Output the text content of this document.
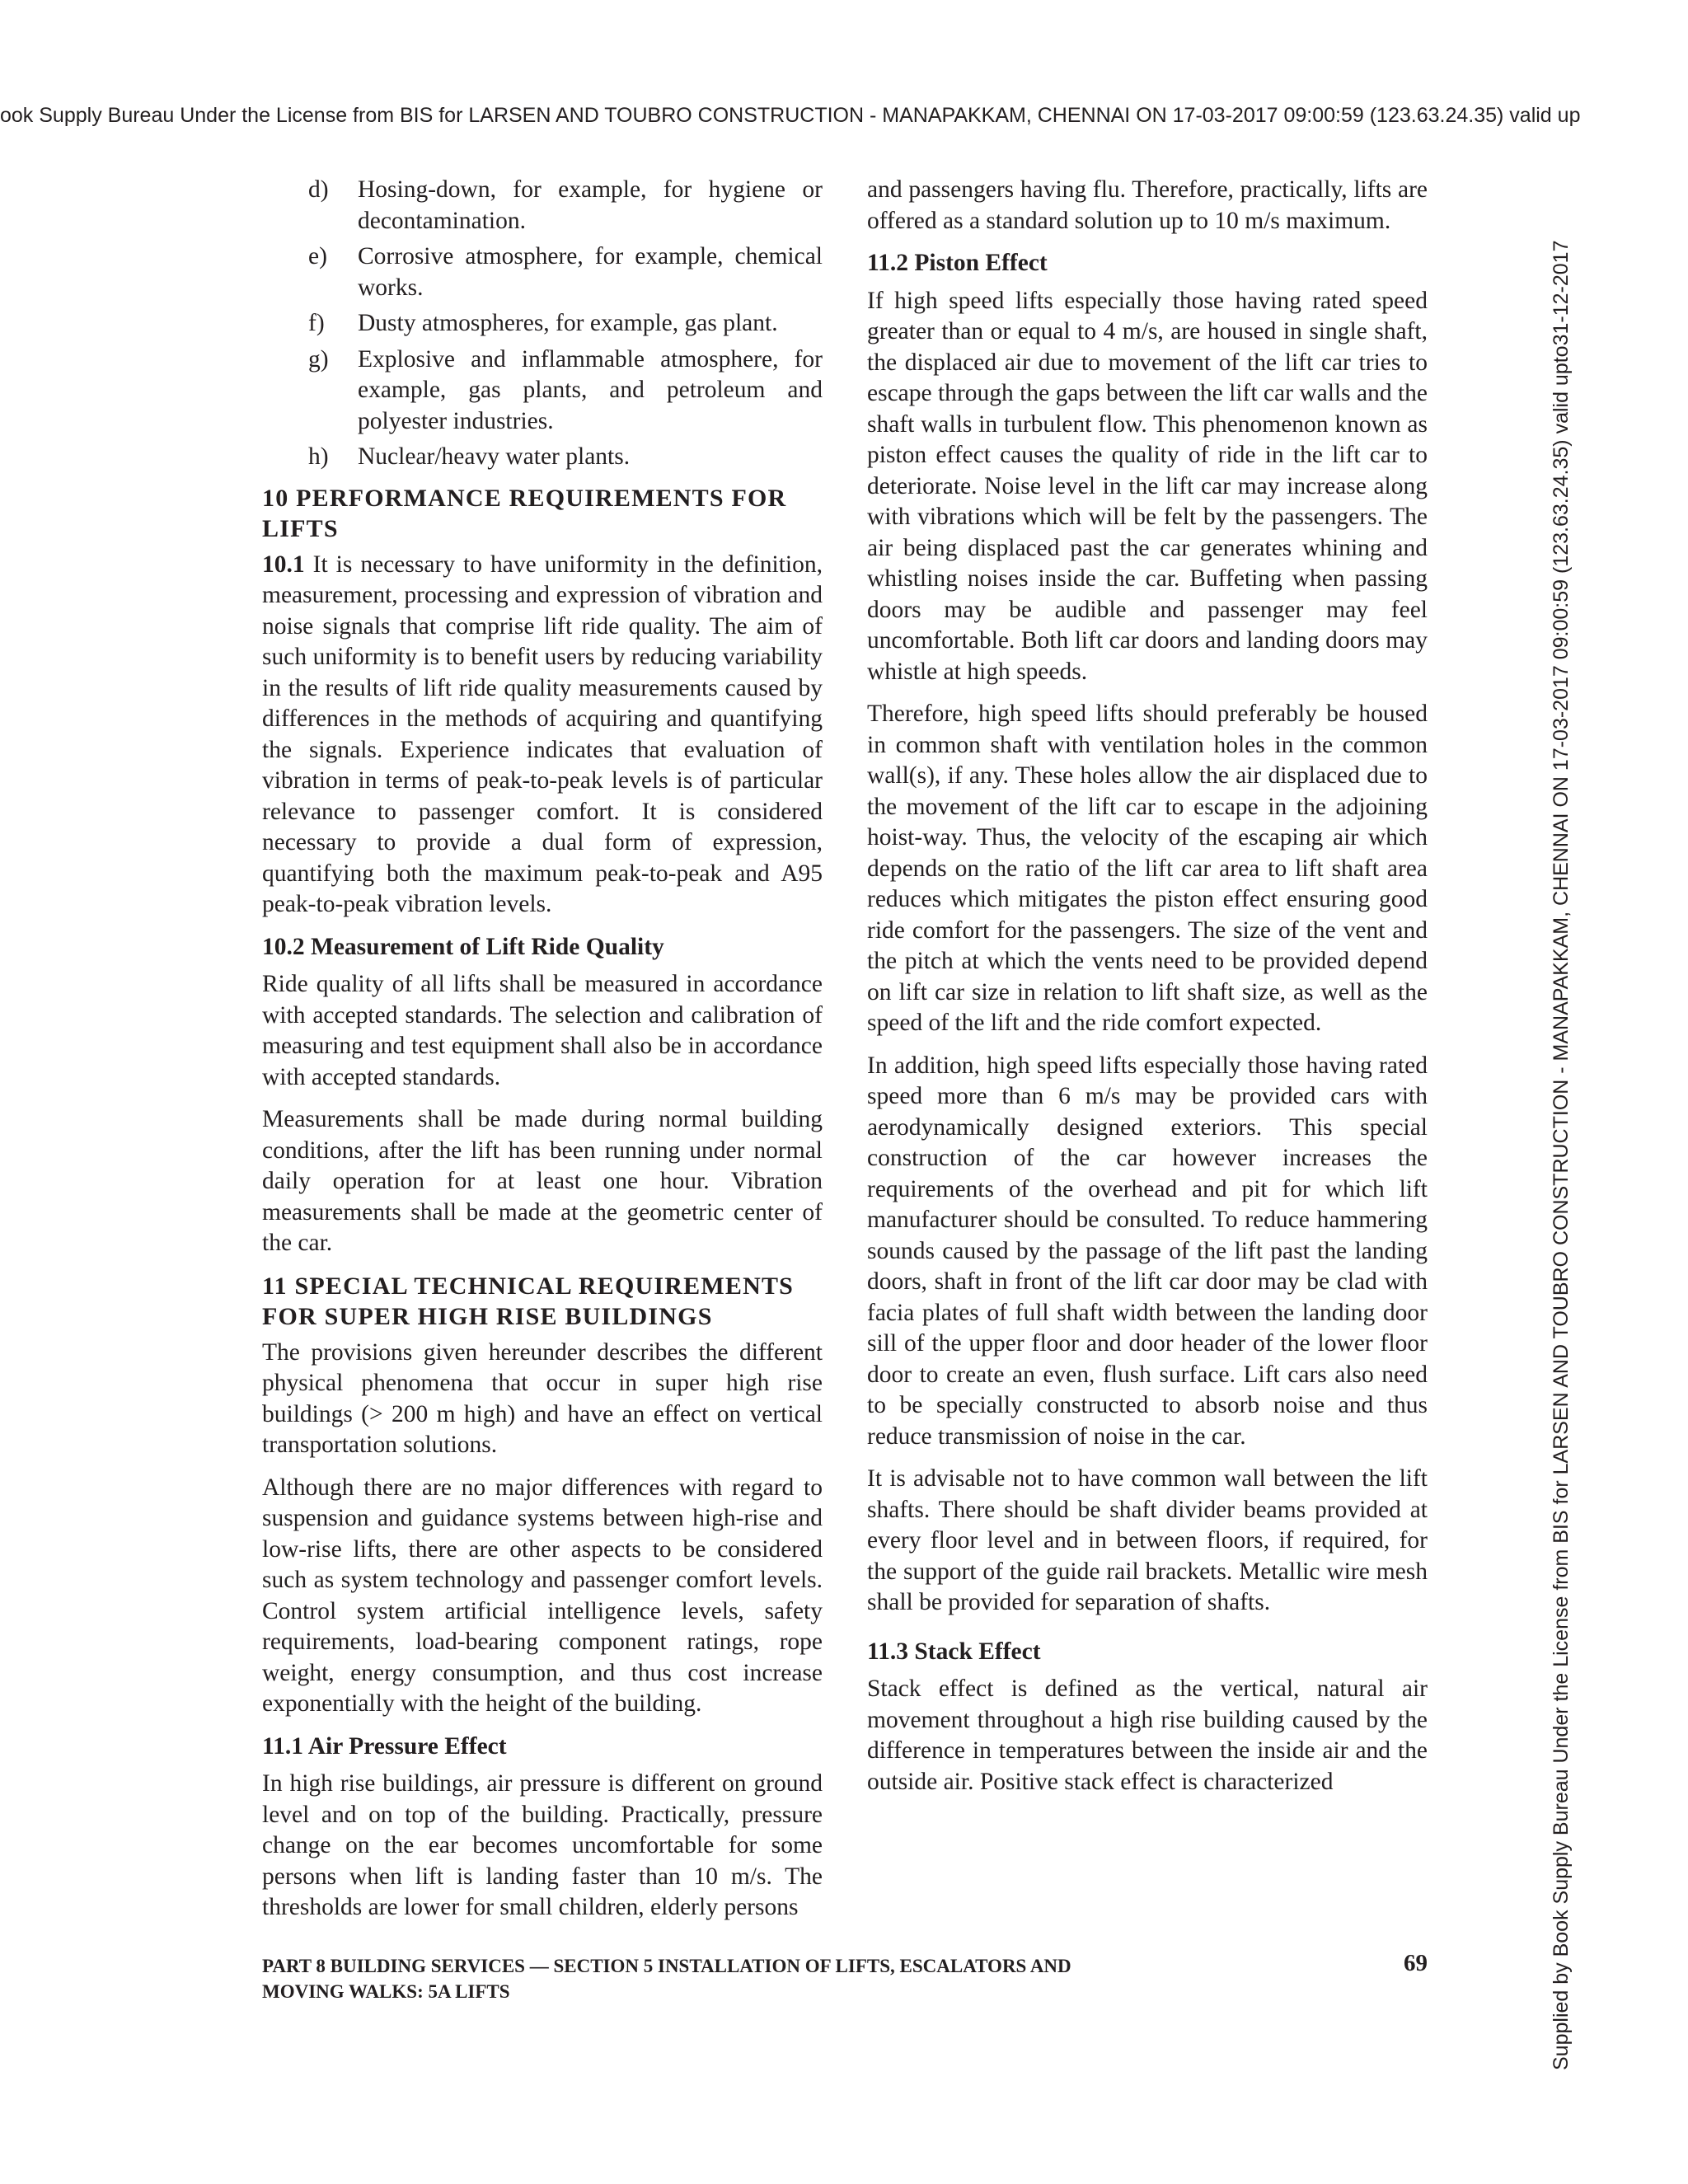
ook Supply Bureau Under the License from BIS for LARSEN AND TOUBRO CONSTRUCTION - MANAPAKKAM, CHENNAI ON 17-03-2017 09:00:59 (123.63.24.35) valid up
Supplied by Book Supply Bureau Under the License from BIS for LARSEN AND TOUBRO CONSTRUCTION - MANAPAKKAM, CHENNAI ON 17-03-2017 09:00:59 (123.63.24.35) valid upto31-12-2017
d)	Hosing-down, for example, for hygiene or decontamination.
e)	Corrosive atmosphere, for example, chemical works.
f)	Dusty atmospheres, for example, gas plant.
g)	Explosive and inflammable atmosphere, for example, gas plants, and petroleum and polyester industries.
h)	Nuclear/heavy water plants.
10 PERFORMANCE REQUIREMENTS FOR LIFTS

10.1 It is necessary to have uniformity in the definition, measurement, processing and expression of vibration and noise signals that comprise lift ride quality. The aim of such uniformity is to benefit users by reducing variability in the results of lift ride quality measurements caused by differences in the methods of acquiring and quantifying the signals. Experience indicates that evaluation of vibration in terms of peak-to-peak levels is of particular relevance to passenger comfort. It is considered necessary to provide a dual form of expression, quantifying both the maximum peak-to-peak and A95 peak-to-peak vibration levels.

10.2 Measurement of Lift Ride Quality

Ride quality of all lifts shall be measured in accordance with accepted standards. The selection and calibration of measuring and test equipment shall also be in accordance with accepted standards.

Measurements shall be made during normal building conditions, after the lift has been running under normal daily operation for at least one hour. Vibration measurements shall be made at the geometric center of the car.

11 SPECIAL TECHNICAL REQUIREMENTS FOR SUPER HIGH RISE BUILDINGS

The provisions given hereunder describes the different physical phenomena that occur in super high rise buildings (> 200 m high) and have an effect on vertical transportation solutions.

Although there are no major differences with regard to suspension and guidance systems between high-rise and low-rise lifts, there are other aspects to be considered such as system technology and passenger comfort levels. Control system artificial intelligence levels, safety requirements, load-bearing component ratings, rope weight, energy consumption, and thus cost increase exponentially with the height of the building.

11.1 Air Pressure Effect

In high rise buildings, air pressure is different on ground level and on top of the building. Practically, pressure change on the ear becomes uncomfortable for some persons when lift is landing faster than 10 m/s. The thresholds are lower for small children, elderly persons

and passengers having flu. Therefore, practically, lifts are offered as a standard solution up to 10 m/s maximum.

11.2 Piston Effect

If high speed lifts especially those having rated speed greater than or equal to 4 m/s, are housed in single shaft, the displaced air due to movement of the lift car tries to escape through the gaps between the lift car walls and the shaft walls in turbulent flow. This phenomenon known as piston effect causes the quality of ride in the lift car to deteriorate. Noise level in the lift car may increase along with vibrations which will be felt by the passengers. The air being displaced past the car generates whining and whistling noises inside the car. Buffeting when passing doors may be audible and passenger may feel uncomfortable. Both lift car doors and landing doors may whistle at high speeds.

Therefore, high speed lifts should preferably be housed in common shaft with ventilation holes in the common wall(s), if any. These holes allow the air displaced due to the movement of the lift car to escape in the adjoining hoist-way. Thus, the velocity of the escaping air which depends on the ratio of the lift car area to lift shaft area reduces which mitigates the piston effect ensuring good ride comfort for the passengers. The size of the vent and the pitch at which the vents need to be provided depend on lift car size in relation to lift shaft size, as well as the speed of the lift and the ride comfort expected.

In addition, high speed lifts especially those having rated speed more than 6 m/s may be provided cars with aerodynamically designed exteriors. This special construction of the car however increases the requirements of the overhead and pit for which lift manufacturer should be consulted. To reduce hammering sounds caused by the passage of the lift past the landing doors, shaft in front of the lift car door may be clad with facia plates of full shaft width between the landing door sill of the upper floor and door header of the lower floor door to create an even, flush surface. Lift cars also need to be specially constructed to absorb noise and thus reduce transmission of noise in the car.

It is advisable not to have common wall between the lift shafts. There should be shaft divider beams provided at every floor level and in between floors, if required, for the support of the guide rail brackets. Metallic wire mesh shall be provided for separation of shafts.

11.3 Stack Effect

Stack effect is defined as the vertical, natural air movement throughout a high rise building caused by the difference in temperatures between the inside air and the outside air. Positive stack effect is characterized

PART 8 BUILDING SERVICES — SECTION 5 INSTALLATION OF LIFTS, ESCALATORS AND
MOVING WALKS: 5A LIFTS
69
